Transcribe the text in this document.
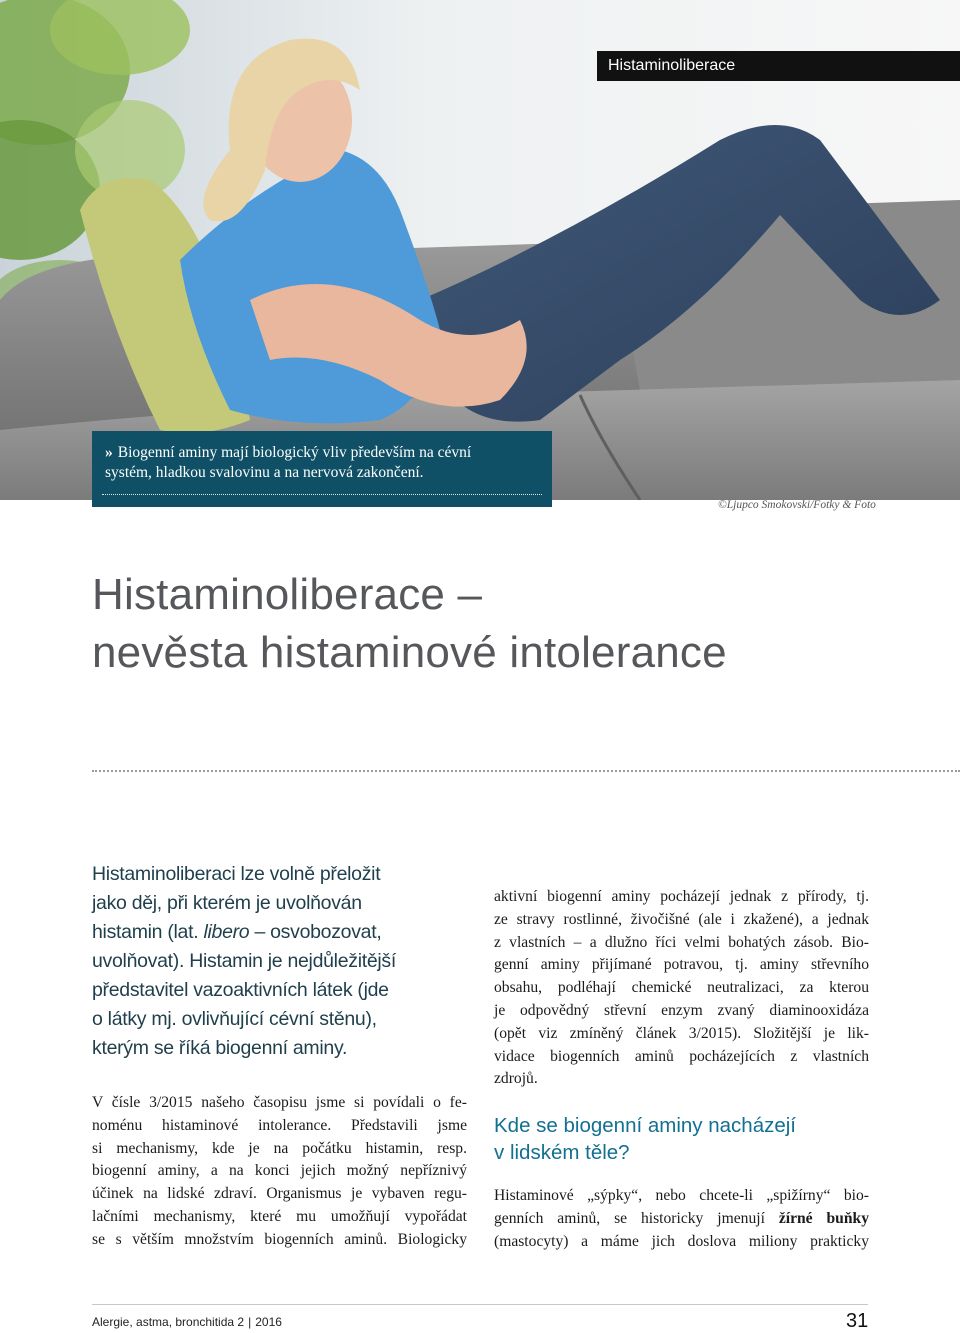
Histaminoliberace
» Biogenní aminy mají biologický vliv především na cévní
systém, hladkou svalovinu a na nervová zakončení.
©Ljupco Smokovski/Fotky & Foto
Histaminoliberace –
nevěsta histaminové intolerance
Histaminoliberaci lze volně přeložit
jako děj, při kterém je uvolňován
histamin (lat. libero – osvobozovat,
uvolňovat). Histamin je nejdůležitější
představitel vazoaktivních látek (jde
o látky mj. ovlivňující cévní stěnu),
kterým se říká biogenní aminy.
V čísle 3/2015 našeho časopisu jsme si povídali o fe-
noménu histaminové intolerance. Představili jsme
si mechanismy, kde je na počátku histamin, resp.
biogenní aminy, a na konci jejich možný nepříznivý
účinek na lidské zdraví. Organismus je vybaven regu-
lačními mechanismy, které mu umožňují vypořádat
se s větším množstvím biogenních aminů. Biologicky
aktivní biogenní aminy pocházejí jednak z přírody, tj.
ze stravy rostlinné, živočišné (ale i zkažené), a jednak
z vlastních – a dlužno říci velmi bohatých zásob. Bio-
genní aminy přijímané potravou, tj. aminy střevního
obsahu, podléhají chemické neutralizaci, za kterou
je odpovědný střevní enzym zvaný diaminooxidáza
(opět viz zmíněný článek 3/2015). Složitější je lik-
vidace biogenních aminů pocházejících z vlastních
zdrojů.
Kde se biogenní aminy nacházejí
v lidském těle?
Histaminové „sýpky“, nebo chcete-li „spižírny“ bio-
genních aminů, se historicky jmenují žírné buňky
(mastocyty) a máme jich doslova miliony prakticky
Alergie, astma, bronchitida 2 | 2016	31
